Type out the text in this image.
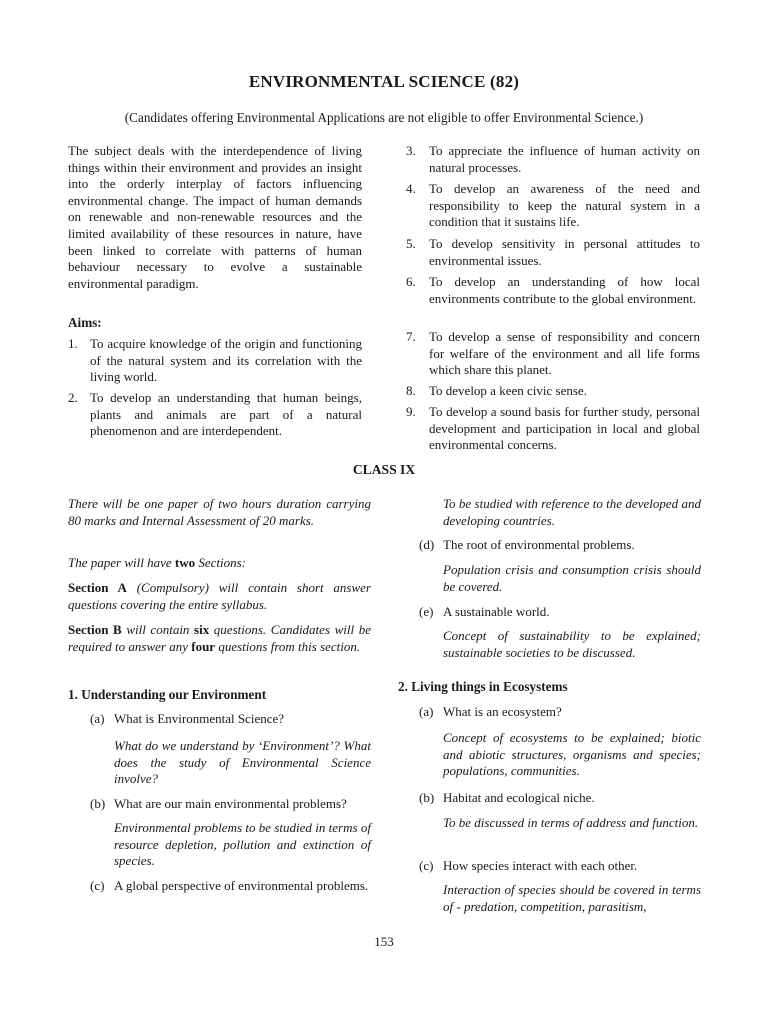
ENVIRONMENTAL SCIENCE (82)
(Candidates offering Environmental Applications are not eligible to offer Environmental Science.)
The subject deals with the interdependence of living things within their environment and provides an insight into the orderly interplay of factors influencing environmental change. The impact of human demands on renewable and non-renewable resources and the limited availability of these resources in nature, have been linked to correlate with patterns of human behaviour necessary to evolve a sustainable environmental paradigm.
Aims:
1. To acquire knowledge of the origin and functioning of the natural system and its correlation with the living world.
2. To develop an understanding that human beings, plants and animals are part of a natural phenomenon and are interdependent.
3.	To appreciate the influence of human activity on natural processes.
4.	To develop an awareness of the need and responsibility to keep the natural system in a condition that it sustains life.
5.	To develop sensitivity in personal attitudes to environmental issues.
6.	To develop an understanding of how local environments contribute to the global environment.
7.	To develop a sense of responsibility and concern for welfare of the environment and all life forms which share this planet.
8.	To develop a keen civic sense.
9.	To develop a sound basis for further study, personal development and participation in local and global environmental concerns.
CLASS IX
There will be one paper of two hours duration carrying 80 marks and Internal Assessment of 20 marks.
The paper will have two Sections:
Section A (Compulsory) will contain short answer questions covering the entire syllabus.
Section B will contain six questions. Candidates will be required to answer any four questions from this section.
1. Understanding our Environment
(a) What is Environmental Science?
What do we understand by ‘Environment’? What does the study of Environmental Science involve?
(b) What are our main environmental problems?
Environmental problems to be studied in terms of resource depletion, pollution and extinction of species.
(c) A global perspective of environmental problems.
To be studied with reference to the developed and developing countries.
(d) The root of environmental problems.
Population crisis and consumption crisis should be covered.
(e) A sustainable world.
Concept of sustainability to be explained; sustainable societies to be discussed.
2. Living things in Ecosystems
(a) What is an ecosystem?
Concept of ecosystems to be explained; biotic and abiotic structures, organisms and species; populations, communities.
(b) Habitat and ecological niche.
To be discussed in terms of address and function.
(c) How species interact with each other.
Interaction of species should be covered in terms of - predation, competition, parasitism,
153
